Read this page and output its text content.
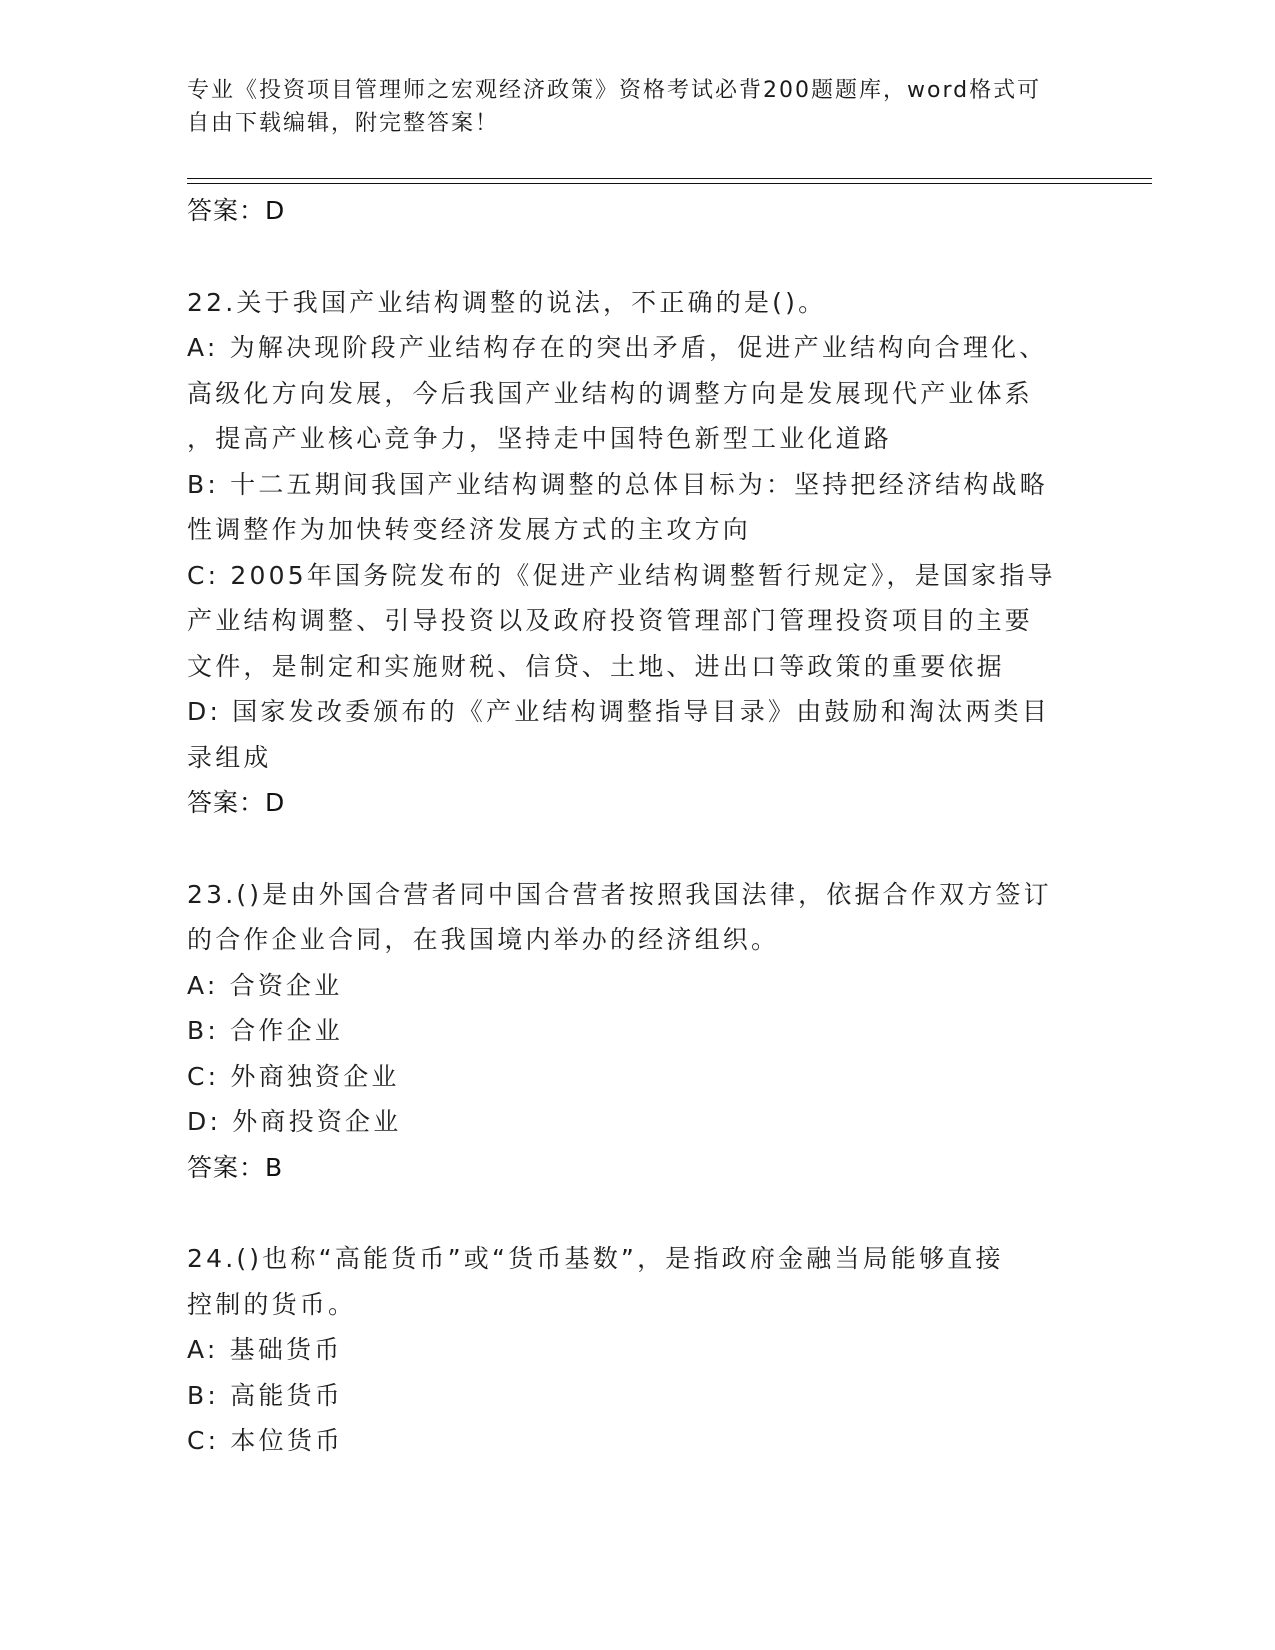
专业《投资项目管理师之宏观经济政策》资格考试必背200题题库，word格式可
自由下载编辑，附完整答案！
答案：D
22.关于我国产业结构调整的说法，不正确的是()。
A: 为解决现阶段产业结构存在的突出矛盾，促进产业结构向合理化、
高级化方向发展，今后我国产业结构的调整方向是发展现代产业体系
，提高产业核心竞争力，坚持走中国特色新型工业化道路
B: 十二五期间我国产业结构调整的总体目标为：坚持把经济结构战略
性调整作为加快转变经济发展方式的主攻方向
C: 2005年国务院发布的《促进产业结构调整暂行规定》，是国家指导
产业结构调整、引导投资以及政府投资管理部门管理投资项目的主要
文件，是制定和实施财税、信贷、土地、进出口等政策的重要依据
D: 国家发改委颁布的《产业结构调整指导目录》由鼓励和淘汰两类目
录组成
答案：D
23.()是由外国合营者同中国合营者按照我国法律，依据合作双方签订
的合作企业合同，在我国境内举办的经济组织。
A: 合资企业
B: 合作企业
C: 外商独资企业
D: 外商投资企业
答案：B
24.()也称“高能货币”或“货币基数”，是指政府金融当局能够直接
控制的货币。
A: 基础货币
B: 高能货币
C: 本位货币
